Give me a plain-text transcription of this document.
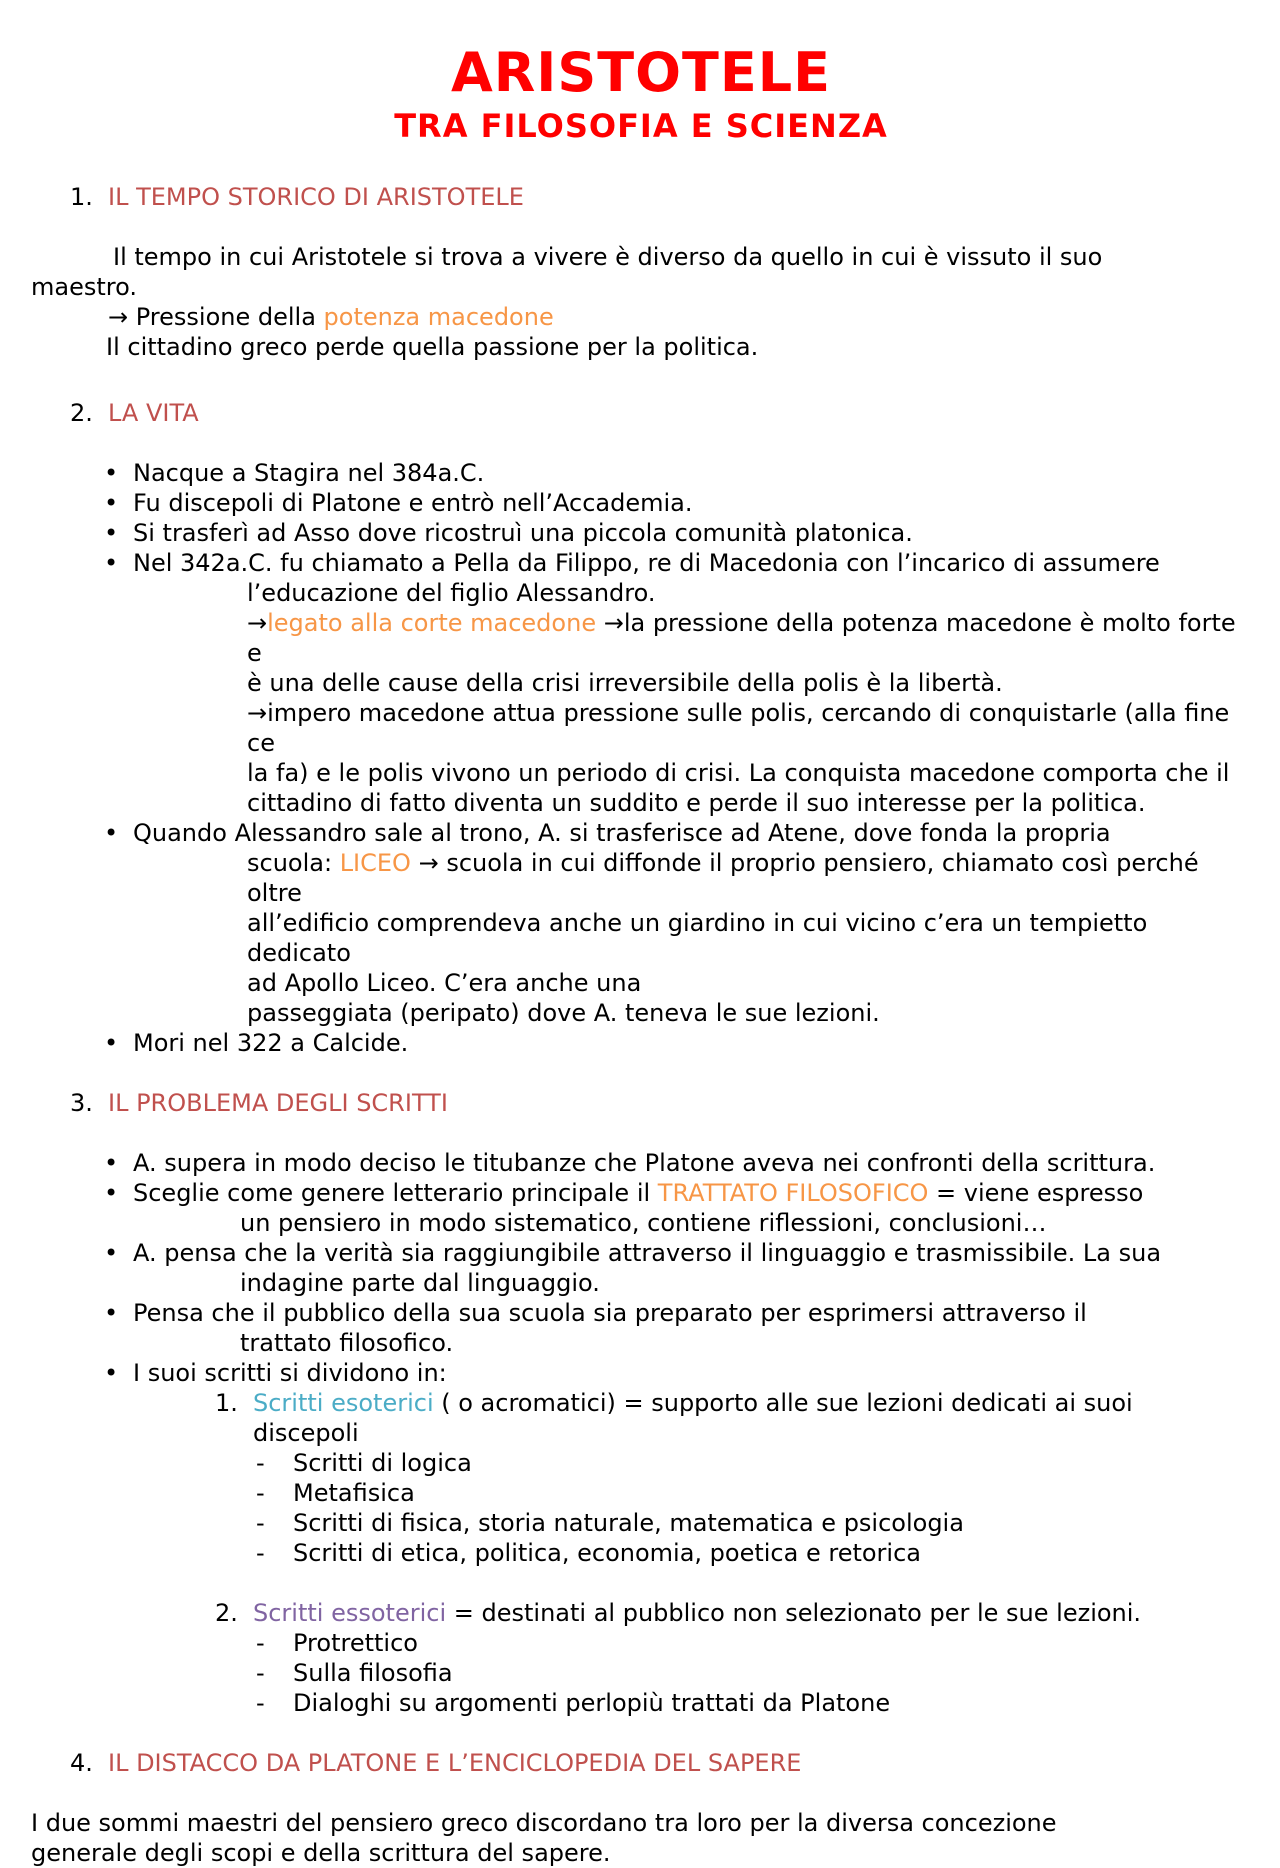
ARISTOTELE
TRA FILOSOFIA E SCIENZA

1. IL TEMPO STORICO DI ARISTOTELE

Il tempo in cui Aristotele si trova a vivere è diverso da quello in cui è vissuto il suo

maestro.

→ Pressione della potenza macedone

Il cittadino greco perde quella passione per la politica.

2. LA VITA

• Nacque a Stagira nel 384a.C.
• Fu discepoli di Platone e entrò nell’Accademia.
• Si trasferì ad Asso dove ricostruì una piccola comunità platonica.
• Nel 342a.C. fu chiamato a Pella da Filippo, re di Macedonia con l’incarico di assumere
l’educazione del figlio Alessandro.
→legato alla corte macedone →la pressione della potenza macedone è molto forte e
è una delle cause della crisi irreversibile della polis è la libertà.
→impero macedone attua pressione sulle polis, cercando di conquistarle (alla fine ce
la fa) e le polis vivono un periodo di crisi. La conquista macedone comporta che il
cittadino di fatto diventa un suddito e perde il suo interesse per la politica.
• Quando Alessandro sale al trono, A. si trasferisce ad Atene, dove fonda la propria
scuola: LICEO → scuola in cui diffonde il proprio pensiero, chiamato così perché oltre
all’edificio comprendeva anche un giardino in cui vicino c’era un tempietto dedicato
ad Apollo Liceo. C’era anche una
passeggiata (peripato) dove A. teneva le sue lezioni.
• Mori nel 322 a Calcide.

3. IL PROBLEMA DEGLI SCRITTI

• A. supera in modo deciso le titubanze che Platone aveva nei confronti della scrittura.
• Sceglie come genere letterario principale il TRATTATO FILOSOFICO = viene espresso
un pensiero in modo sistematico, contiene riflessioni, conclusioni…
• A. pensa che la verità sia raggiungibile attraverso il linguaggio e trasmissibile. La sua
indagine parte dal linguaggio.
• Pensa che il pubblico della sua scuola sia preparato per esprimersi attraverso il
trattato filosofico.
• I suoi scritti si dividono in:
1. Scritti esoterici ( o acromatici) = supporto alle sue lezioni dedicati ai suoi
discepoli
- Scritti di logica
- Metafisica
- Scritti di fisica, storia naturale, matematica e psicologia
- Scritti di etica, politica, economia, poetica e retorica
2. Scritti essoterici = destinati al pubblico non selezionato per le sue lezioni.
- Protrettico
- Sulla filosofia
- Dialoghi su argomenti perlopiù trattati da Platone

4. IL DISTACCO DA PLATONE E L’ENCICLOPEDIA DEL SAPERE

I due sommi maestri del pensiero greco discordano tra loro per la diversa concezione

generale degli scopi e della scrittura del sapere.
